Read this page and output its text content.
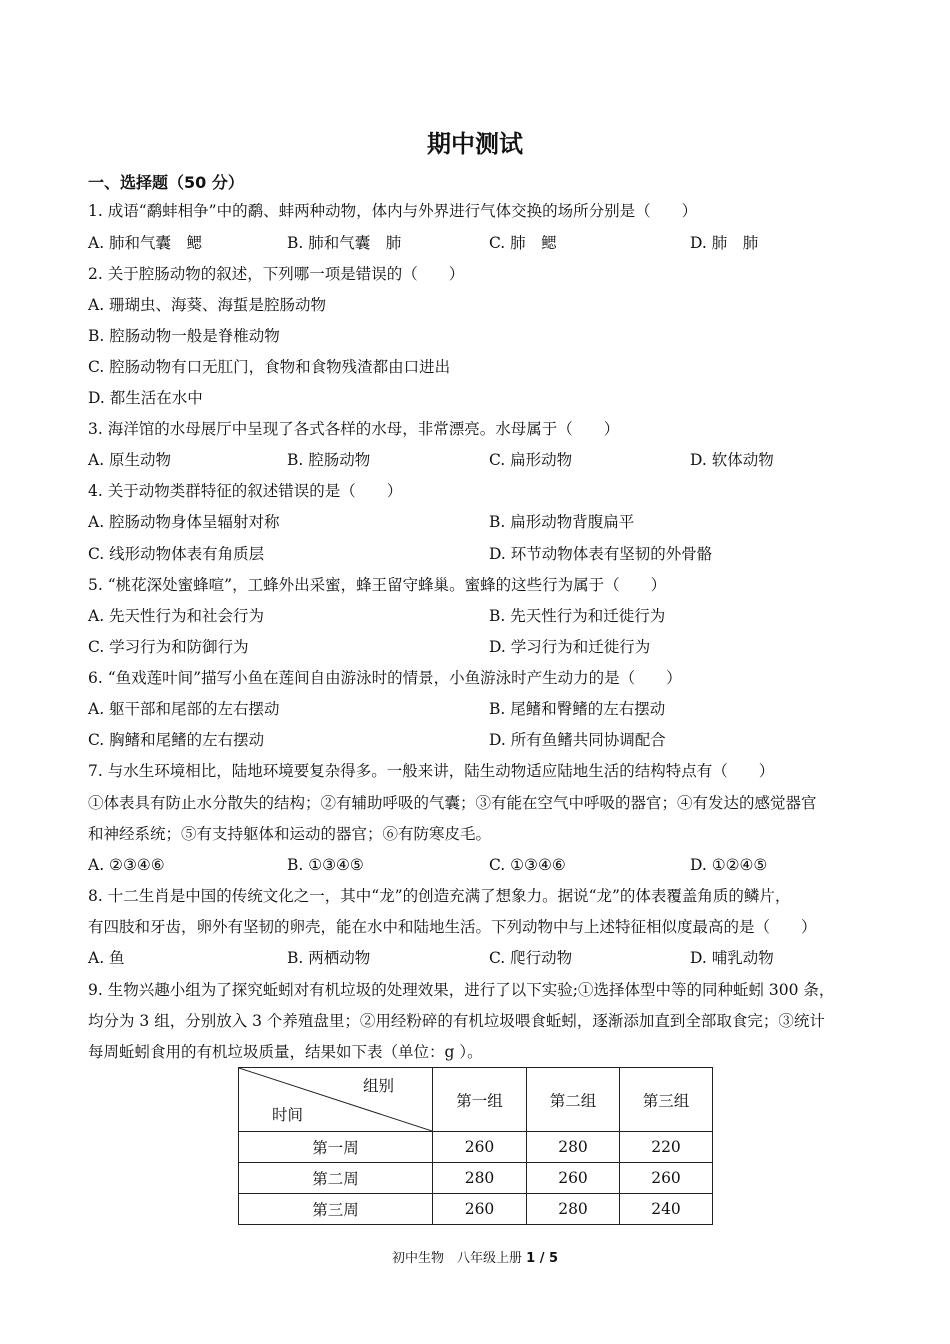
期中测试
一、选择题（50 分）
1. 成语“鹬蚌相争”中的鹬、蚌两种动物，体内与外界进行气体交换的场所分别是（　　）
A. 肺和气囊　鳃	B. 肺和气囊　肺	C. 肺　鳃	D. 肺　肺
2. 关于腔肠动物的叙述，下列哪一项是错误的（　　）
A. 珊瑚虫、海葵、海蜇是腔肠动物
B. 腔肠动物一般是脊椎动物
C. 腔肠动物有口无肛门，食物和食物残渣都由口进出
D. 都生活在水中
3. 海洋馆的水母展厅中呈现了各式各样的水母，非常漂亮。水母属于（　　）
A. 原生动物	B. 腔肠动物	C. 扁形动物	D. 软体动物
4. 关于动物类群特征的叙述错误的是（　　）
A. 腔肠动物身体呈辐射对称	B. 扁形动物背腹扁平
C. 线形动物体表有角质层	D. 环节动物体表有坚韧的外骨骼
5. “桃花深处蜜蜂喧”，工蜂外出采蜜，蜂王留守蜂巢。蜜蜂的这些行为属于（　　）
A. 先天性行为和社会行为	B. 先天性行为和迁徙行为
C. 学习行为和防御行为	D. 学习行为和迁徙行为
6. “鱼戏莲叶间”描写小鱼在莲间自由游泳时的情景，小鱼游泳时产生动力的是（　　）
A. 躯干部和尾部的左右摆动	B. 尾鳍和臀鳍的左右摆动
C. 胸鳍和尾鳍的左右摆动	D. 所有鱼鳍共同协调配合
7. 与水生环境相比，陆地环境要复杂得多。一般来讲，陆生动物适应陆地生活的结构特点有（　　）
①体表具有防止水分散失的结构；②有辅助呼吸的气囊；③有能在空气中呼吸的器官；④有发达的感觉器官
和神经系统；⑤有支持躯体和运动的器官；⑥有防寒皮毛。
A. ②③④⑥	B. ①③④⑤	C. ①③④⑥	D. ①②④⑤
8. 十二生肖是中国的传统文化之一，其中“龙”的创造充满了想象力。据说“龙”的体表覆盖角质的鳞片，
有四肢和牙齿，卵外有坚韧的卵壳，能在水中和陆地生活。下列动物中与上述特征相似度最高的是（　　）
A. 鱼	B. 两栖动物	C. 爬行动物	D. 哺乳动物
9. 生物兴趣小组为了探究蚯蚓对有机垃圾的处理效果，进行了以下实验;①选择体型中等的同种蚯蚓 300 条，
均分为 3 组，分别放入 3 个养殖盘里；②用经粉碎的有机垃圾喂食蚯蚓，逐渐添加直到全部取食完；③统计
每周蚯蚓食用的有机垃圾质量，结果如下表（单位：g ）。
组别
时间	第一组	第二组	第三组
第一周	260	280	220
第二周	280	260	260
第三周	260	280	240
初中生物　八年级上册 1 / 5
